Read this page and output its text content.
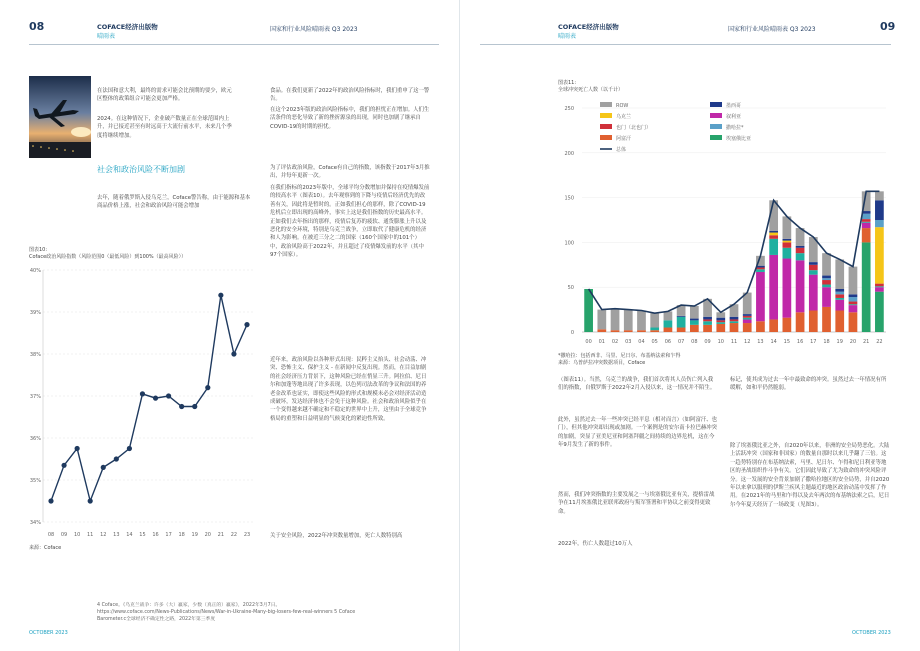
08	COFACE经济出版物
晴雨表
国家和行业风险晴雨表 Q3 2023
在法国和意大利，最终的需求可能会比预期的要少，欧元区整体的政策组合可能会更加严格。
2024。在这种情况下，企业破产数量正在全球范围内上升，并已接近甚至有时远高于大流行前水平，未来几个季度将继续增加。
社会和政治风险不断加剧
去年，随着俄罗斯入侵乌克兰，Coface警告称，由于能源和基本商品价格上涨，社会和政治风险可能会增加
食品。在我们更新了2022年的政治风险指标时，我们重申了这一警告。
在这个2023年版的政治风险指标中，我们的担忧正在增加。人们生活条件的恶化导致了新的挫折源泉的出现，同时也加剧了继承自COVID-19的时期的担忧。
为了评估政治风险，Coface有自己的指数，该指数于2017年3月推出，并每年更新一次。
在我们指标的2023年版中，全球平均分数增加并保持在疫情爆发前的较高水平（图表10）。去年观察到的下降与疫情后经济优先的改善有关，因此将是暂时的。正如我们担心的那样，除了COVID-19危机后立即出现的高峰外，事实上这是我们指数的历史最高水平。正如我们去年指出的那样，疫情后复苏的疲软、通货膨胀上升以及恶化的安全环境，特别是乌克兰战争，立即取代了健康危机的经济和人为影响。在被近三分之二的国家（160个国家中的101个）中，政治风险高于2022年，并且超过了疫情爆发前的水平（其中97个国家）。
近年来，政治风险以各种形式出现：民粹主义抬头、社会动荡、冲突、恐怖主义、保护主义 - 在新闻中反复出现。然而，在目益加剧的社会经济压力背景下，这种风险已经在悄显三升。阿拉伯、尼日尔和加蓬等地出现了许多表现，以色列司法改革的争议和法国的养老金改革也证实，即使这些风险的形式和规模未必会对经济活动造成破坏，发达经济体也不会免于这种风险。社会和政治风险似乎在一个变得越来越不确定和不稳定的世界中上升，这里由于全球竞争格局的重塑和日益明显的气候变化的紧迫性所致。
关于安全风险，2022年冲突数量增加，死亡人数特别高
图表10:
Coface政治风险指数（风险范围0（最低风险）到100%（最高风险））
34%
35%
36%
37%
38%
39%
40%
08 09 10 11 12 13 14 15 16 17 18 19 20 21 22 23
来源：Coface
4 Coface。《乌克兰战争：许多（大）赢家，少数（真正的）赢家》，2022年3月7日。
https://www.coface.com/News-Publications/News/War-in-Ukraine-Many-big-losers-few-real-winners 5 Coface
Barometer.c全球经济不确定性之路，2022年第三季度
OCTOBER 2023
COFACE经济出版物
晴雨表
国家和行业风险晴雨表 Q3 2023	09
图表11:
全球冲突死亡人数（以千计）
0
50
100
150
200
250
00 01 02 03 04 05 06 07 08 09 10 11 12 13 14 15 16 17 18 19 20 21 22
ROW	墨西哥
乌克兰	叙利亚
也门（北也门）	撒哈拉*
阿富汗	埃塞俄比亚
总体
*撒哈拉：包括西非、马里、尼日尔、布基纳法索和乍得
来源：乌普萨拉冲突数据项目，Coface
（图表11）。当然，乌克兰的战争，我们首次将其人员伤亡列入我们的指数，自俄罗斯于2022年2月入侵以来，这一情况并不陌生。
此外，虽然过去一年一些冲突已经平息（相对而言）（如阿富汗、也门），但其他冲突却出现或加剧。一个案例是的安尔南卡拉巴赫冲突的加剧，突显了亚美尼亚和阿塞拜疆之间持续的边界危机，这在今年9月发生了新的事件。
然而，我们冲突指数的主要发展之一与埃塞俄比亚有关，提格雷战争在11月埃塞俄比亚联邦政府与叛军签署和平协议之前变得更致命。
2022年，伤亡人数超过10万人
标记，使其成为过去一年中最致命的冲突。虽然过去一年情况有所缓解，如和平仍然脆弱。
除了埃塞俄比亚之外，自2020年以来，非洲的安全局势恶化。大陆上活跃冲突（国家和非国家）的数量自那时以来几乎翻了三倍。这一趋势特别存在布基纳法索，马里、尼日尔、乍得和尼日利亚等地区的圣战组织作斗争有关。它们因此导致了尤为致命的冲突风险评分。这一发展的安全背景加剧了撒哈拉地区的安全局势，并自2020年以来拿以服刑的伊斯兰疾风主题最近的地区政治动荡中发挥了作用。在2021年的马里和乍得以及去年两次的布基纳法索之后，尼日尔今年夏天经历了一场政变（见图3）。
OCTOBER 2023
